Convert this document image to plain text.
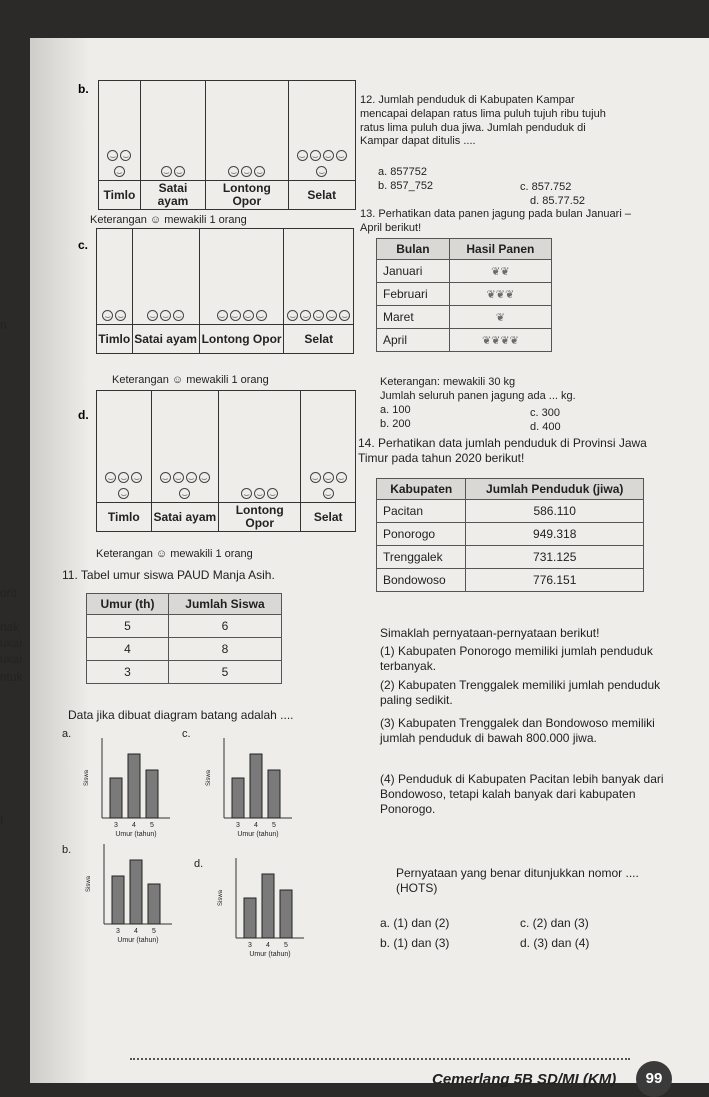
n
orit
nak
ukai
ukai
ntuk
t
b.
‿ ‿‿	‿ ‿	‿ ‿ ‿	‿ ‿ ‿ ‿‿
Timlo	Satai ayam	Lontong Opor	Selat
Keterangan ☺ mewakili 1 orang
c.
‿ ‿	‿ ‿ ‿	‿ ‿ ‿ ‿	‿ ‿ ‿ ‿ ‿
Timlo	Satai ayam	Lontong Opor	Selat
Keterangan ☺ mewakili 1 orang
d.
‿ ‿ ‿‿	‿ ‿ ‿ ‿‿	‿ ‿ ‿	‿ ‿ ‿‿
Timlo	Satai ayam	Lontong Opor	Selat
Keterangan ☺ mewakili 1 orang
11. Tabel umur siswa PAUD Manja Asih.
Umur (th)	Jumlah Siswa
5	6
4	8
3	5
Data jika dibuat diagram batang adalah ....
a.	c.
b.
d.
3 4 5
Umur (tahun)
Siswa
3 4 5
Umur (tahun)
Siswa
3 4 5
Umur (tahun)
Siswa
3 4 5
Umur (tahun)
Siswa
12. Jumlah penduduk di Kabupaten Kampar mencapai delapan ratus lima puluh tujuh ribu tujuh ratus lima puluh dua jiwa. Jumlah penduduk di Kampar dapat ditulis ....
a. 857752
b. 857_752	c. 857.752
d. 85.77.52
13. Perhatikan data panen jagung pada bulan Januari – April berikut!
Bulan	Hasil Panen
Januari	❦❦
Februari	❦❦❦
Maret	❦
April	❦❦❦❦
Keterangan: mewakili 30 kg
Jumlah seluruh panen jagung ada ... kg.
a. 100
b. 200
c. 300
d. 400
14. Perhatikan data jumlah penduduk di Provinsi Jawa Timur pada tahun 2020 berikut!
Kabupaten	Jumlah Penduduk (jiwa)
Pacitan	586.110
Ponorogo	949.318
Trenggalek	731.125
Bondowoso	776.151
Simaklah pernyataan-pernyataan berikut!
(1) Kabupaten Ponorogo memiliki jumlah penduduk terbanyak.
(2) Kabupaten Trenggalek memiliki jumlah penduduk paling sedikit.
(3) Kabupaten Trenggalek dan Bondowoso memiliki jumlah penduduk di bawah 800.000 jiwa.
(4) Penduduk di Kabupaten Pacitan lebih banyak dari Bondowoso, tetapi kalah banyak dari kabupaten Ponorogo.
Pernyataan yang benar ditunjukkan nomor .... (HOTS)
a. (1) dan (2)
b. (1) dan (3)
c. (2) dan (3)
d. (3) dan (4)
Cemerlang 5B SD/MI (KM)	99
